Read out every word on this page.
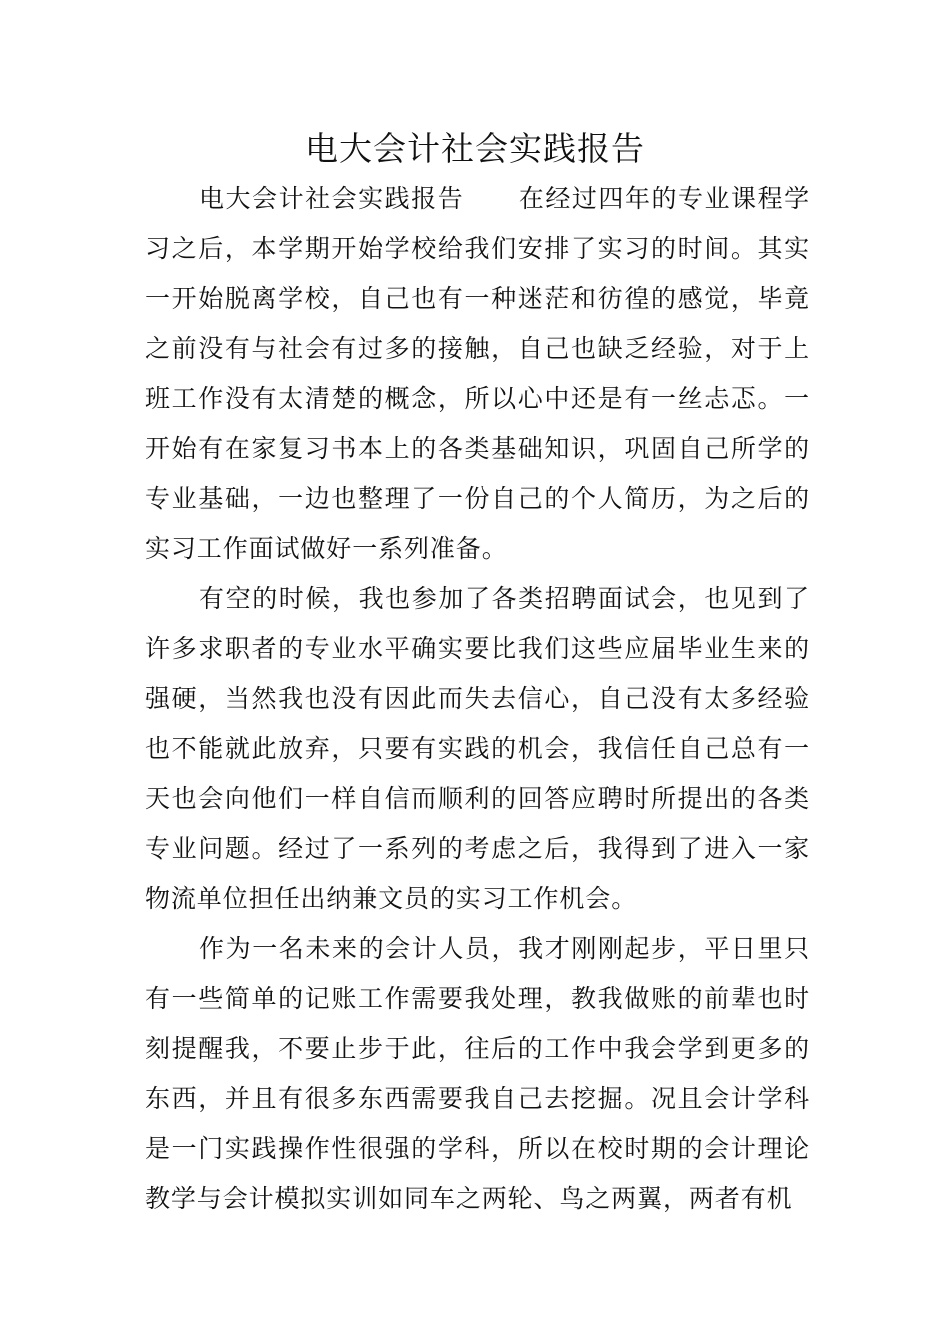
电大会计社会实践报告

电大会计社会实践报告 在经过四年的专业课程学习之后，本学期开始学校给我们安排了实习的时间。其实一开始脱离学校，自己也有一种迷茫和彷徨的感觉，毕竟之前没有与社会有过多的接触，自己也缺乏经验，对于上班工作没有太清楚的概念，所以心中还是有一丝忐忑。一开始有在家复习书本上的各类基础知识，巩固自己所学的专业基础，一边也整理了一份自己的个人简历，为之后的实习工作面试做好一系列准备。

有空的时候，我也参加了各类招聘面试会，也见到了许多求职者的专业水平确实要比我们这些应届毕业生来的强硬，当然我也没有因此而失去信心，自己没有太多经验也不能就此放弃，只要有实践的机会，我信任自己总有一天也会向他们一样自信而顺利的回答应聘时所提出的各类专业问题。经过了一系列的考虑之后，我得到了进入一家物流单位担任出纳兼文员的实习工作机会。

作为一名未来的会计人员，我才刚刚起步，平日里只有一些简单的记账工作需要我处理，教我做账的前辈也时刻提醒我，不要止步于此，往后的工作中我会学到更多的东西，并且有很多东西需要我自己去挖掘。况且会计学科是一门实践操作性很强的学科，所以在校时期的会计理论教学与会计模拟实训如同车之两轮、鸟之两翼，两者有机
